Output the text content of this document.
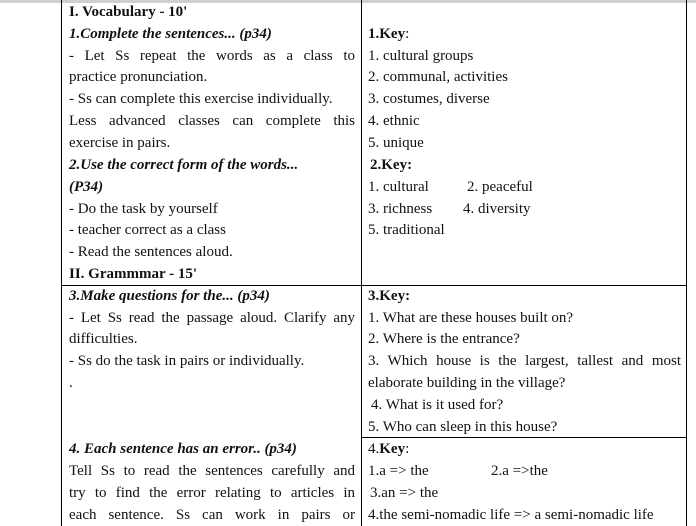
I. Vocabulary - 10'
1.Complete the sentences... (p34)
- Let Ss repeat the words as a class to
practice pronunciation.
- Ss can complete this exercise individually.
Less advanced classes can complete this
exercise in pairs.
2.Use the correct form of the words...
(P34)
- Do the task by yourself
- teacher correct as a class
- Read the sentences aloud.
II. Grammmar - 15'
3.Make questions for the... (p34)
- Let Ss read the passage aloud. Clarify any
difficulties.
- Ss do the task in pairs or individually.
.
4. Each sentence has an error.. (p34)
Tell Ss to read the sentences carefully and
try to find the error relating to articles in
each sentence. Ss can work in pairs or
1.Key:
1. cultural groups
2. communal, activities
3. costumes, diverse
4. ethnic
5. unique
2.Key:
1. cultural	2. peaceful
3. richness 4. diversity
5. traditional
3.Key:
1. What are these houses built on?
2. Where is the entrance?
3. Which house is the largest, tallest and most
elaborate building in the village?
4. What is it used for?
5. Who can sleep in this house?
4.Key:
1.a => the	2.a =>the
3.an => the
4.the semi-nomadic life => a semi-nomadic life
